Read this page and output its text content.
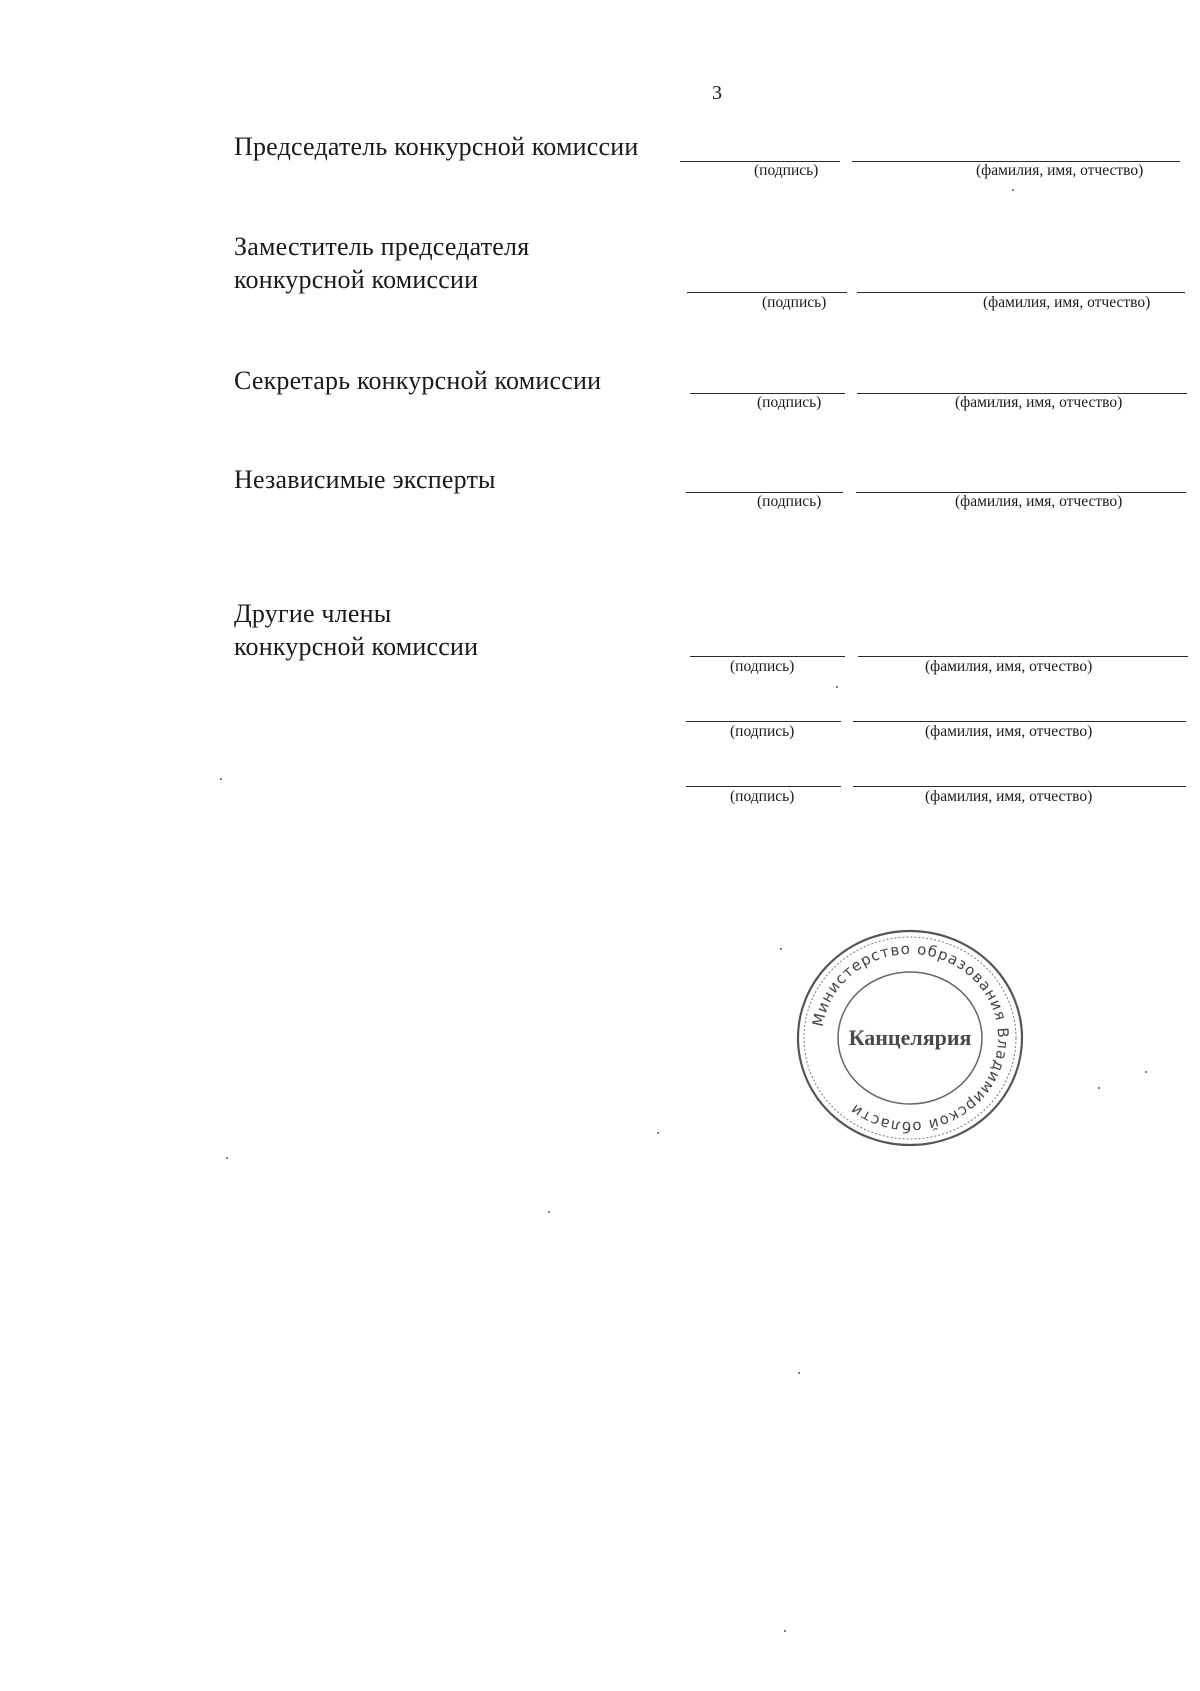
3
Председатель конкурсной комиссии
(подпись)	(фамилия, имя, отчество)
Заместитель председателя
конкурсной комиссии
(подпись)	(фамилия, имя, отчество)
Секретарь конкурсной комиссии
(подпись)	(фамилия, имя, отчество)
Независимые эксперты
(подпись)	(фамилия, имя, отчество)
Другие члены
конкурсной комиссии
(подпись)	(фамилия, имя, отчество)
(подпись)	(фамилия, имя, отчество)
(подпись)	(фамилия, имя, отчество)
Министерство образования Владимирской области
Канцелярия
